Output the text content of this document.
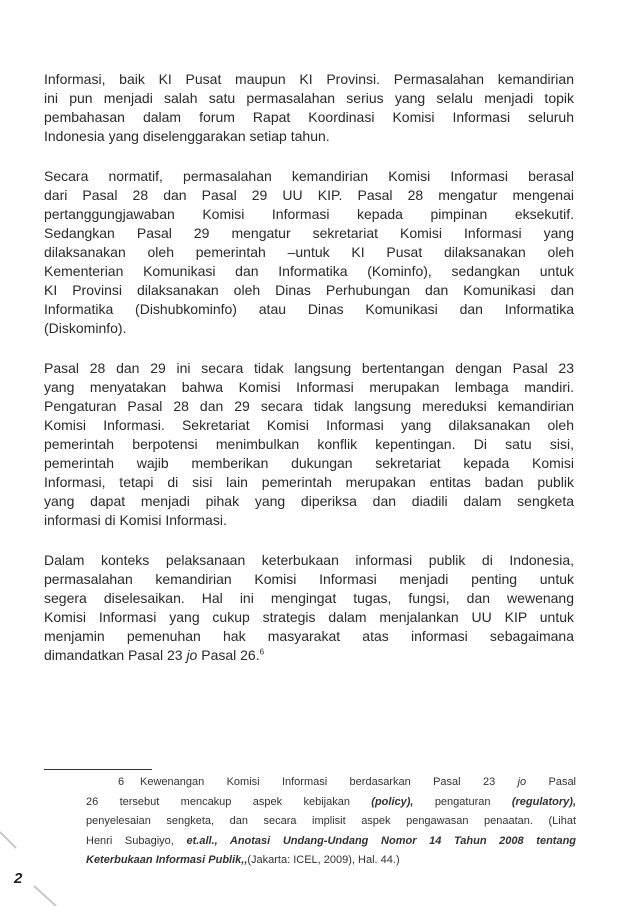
Informasi, baik KI Pusat maupun KI Provinsi. Permasalahan kemandirian
ini pun menjadi salah satu permasalahan serius yang selalu menjadi topik
pembahasan dalam forum Rapat Koordinasi Komisi Informasi seluruh
Indonesia yang diselenggarakan setiap tahun.

Secara normatif, permasalahan kemandirian Komisi Informasi berasal
dari Pasal 28 dan Pasal 29 UU KIP. Pasal 28 mengatur mengenai
pertanggungjawaban Komisi Informasi kepada pimpinan eksekutif.
Sedangkan Pasal 29 mengatur sekretariat Komisi Informasi yang
dilaksanakan oleh pemerintah –untuk KI Pusat dilaksanakan oleh
Kementerian Komunikasi dan Informatika (Kominfo), sedangkan untuk
KI Provinsi dilaksanakan oleh Dinas Perhubungan dan Komunikasi dan
Informatika (Dishubkominfo) atau Dinas Komunikasi dan Informatika
(Diskominfo).

Pasal 28 dan 29 ini secara tidak langsung bertentangan dengan Pasal 23
yang menyatakan bahwa Komisi Informasi merupakan lembaga mandiri.
Pengaturan Pasal 28 dan 29 secara tidak langsung mereduksi kemandirian
Komisi Informasi. Sekretariat Komisi Informasi yang dilaksanakan oleh
pemerintah berpotensi menimbulkan konflik kepentingan. Di satu sisi,
pemerintah wajib memberikan dukungan sekretariat kepada Komisi
Informasi, tetapi di sisi lain pemerintah merupakan entitas badan publik
yang dapat menjadi pihak yang diperiksa dan diadili dalam sengketa
informasi di Komisi Informasi.

Dalam konteks pelaksanaan keterbukaan informasi publik di Indonesia,
permasalahan kemandirian Komisi Informasi menjadi penting untuk
segera diselesaikan. Hal ini mengingat tugas, fungsi, dan wewenang
Komisi Informasi yang cukup strategis dalam menjalankan UU KIP untuk
menjamin pemenuhan hak masyarakat atas informasi sebagaimana
dimandatkan Pasal 23 jo Pasal 26.$^6$

6 Kewenangan Komisi Informasi berdasarkan Pasal 23 jo Pasal
26 tersebut mencakup aspek kebijakan (policy), pengaturan (regulatory),
penyelesaian sengketa, dan secara implisit aspek pengawasan penaatan. (Lihat
Henri Subagiyo, et.all., Anotasi Undang-Undang Nomor 14 Tahun 2008 tentang
Keterbukaan Informasi Publik,,(Jakarta: ICEL, 2009), Hal. 44.)
2
